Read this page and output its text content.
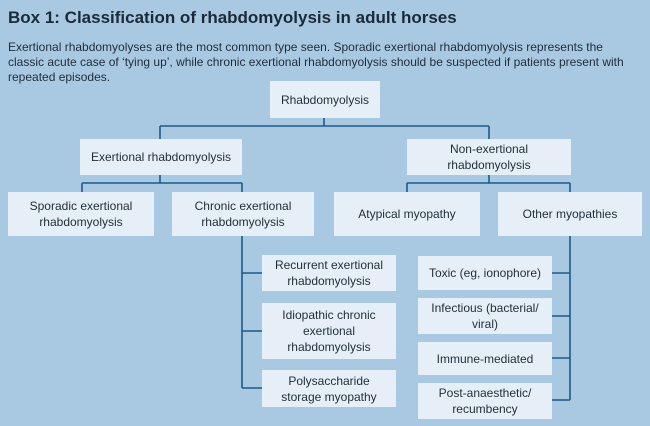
Box 1: Classification of rhabdomyolysis in adult horses
Exertional rhabdomyolyses are the most common type seen. Sporadic exertional rhabdomyolysis represents the classic acute case of ‘tying up’, while chronic exertional rhabdomyolysis should be suspected if patients present with repeated episodes.
Rhabdomyolysis
Exertional rhabdomyolysis
Non-exertional rhabdomyolysis
Sporadic exertional rhabdomyolysis
Chronic exertional rhabdomyolysis
Atypical myopathy	Other myopathies
Recurrent exertional rhabdomyolysis
Idiopathic chronic exertional rhabdomyolysis
Polysaccharide storage myopathy
Toxic (eg, ionophore)
Infectious (bacterial/ viral)
Immune-mediated
Post-anaesthetic/ recumbency
